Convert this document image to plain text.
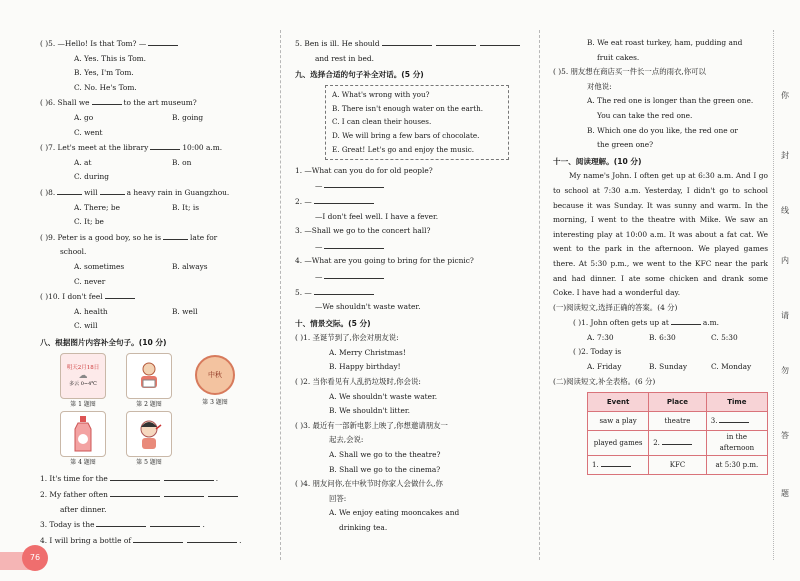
( )5. —Hello! Is that Tom? —
A. Yes. This is Tom.
B. Yes, I'm Tom.
C. No. He's Tom.
( )6. Shall we	to the art museum?
A. go	B. going
C. went
( )7. Let's meet at the library	10:00 a.m.
A. at	B. on
C. during
( )8.	will	a heavy rain in Guangzhou.
A. There; be	B. It; is
C. It; be
( )9. Peter is a good boy, so he is	late for
school.
A. sometimes	B. always
C. never
( )10. I don't feel
A. health	B. well
C. will
八、根据图片内容补全句子。(10 分)
明天2月18日
☁
多云 0~4℃
第 1 题图	第 2 题图
中秋
第 3 题图
第 4 题图	第 5 题图
1. It's time for the	.
2. My father often
after dinner.
3. Today is the	.
4. I will bring a bottle of	.
5. Ben is ill. He should
and rest in bed.
九、选择合适的句子补全对话。(5 分)
A. What's wrong with you?
B. There isn't enough water on the earth.
C. I can clean their houses.
D. We will bring a few bars of chocolate.
E. Great! Let's go and enjoy the music.
1. —What can you do for old people?
—
2. —
—I don't feel well. I have a fever.
3. —Shall we go to the concert hall?
—
4. —What are you going to bring for the picnic?
—
5. —
—We shouldn't waste water.
十、情景交际。(5 分)
( )1. 圣诞节到了,你会对朋友说:
A. Merry Christmas!
B. Happy birthday!
( )2. 当你看见有人乱扔垃圾时,你会说:
A. We shouldn't waste water.
B. We shouldn't litter.
( )3. 最近有一部新电影上映了,你想邀请朋友一
起去,会说:
A. Shall we go to the theatre?
B. Shall we go to the cinema?
( )4. 朋友问你,在中秋节时你家人会做什么,你
回答:
A. We enjoy eating mooncakes and
drinking tea.
B. We eat roast turkey, ham, pudding and
fruit cakes.
( )5. 朋友想在商店买一件长一点的雨衣,你可以
对他说:
A. The red one is longer than the green one.
You can take the red one.
B. Which one do you like, the red one or
the green one?
十一、阅读理解。(10 分)
My name's John. I often get up at 6:30 a.m. And I go to school at 7:30 a.m. Yesterday, I didn't go to school because it was Sunday. It was sunny and warm. In the morning, I went to the theatre with Mike. We saw an interesting play at 10:00 a.m. It was about a fat cat. We went to the park in the afternoon. We played games there. At 5:30 p.m., we went to the KFC near the park and had dinner. I ate some chicken and drank some Coke. I have had a wonderful day.
(一)阅读短文,选择正确的答案。(4 分)
( )1. John often gets up at	a.m.
A. 7:30	B. 6:30	C. 5:30
( )2. Today is
A. Friday	B. Sunday	C. Monday
(二)阅读短文,补全表格。(6 分)
Event	Place	Time
saw a play	theatre	3.
played games	2.	in the afternoon
1.	KFC	at 5:30 p.m.
你
封
线
内
请
勿
答
题
76
